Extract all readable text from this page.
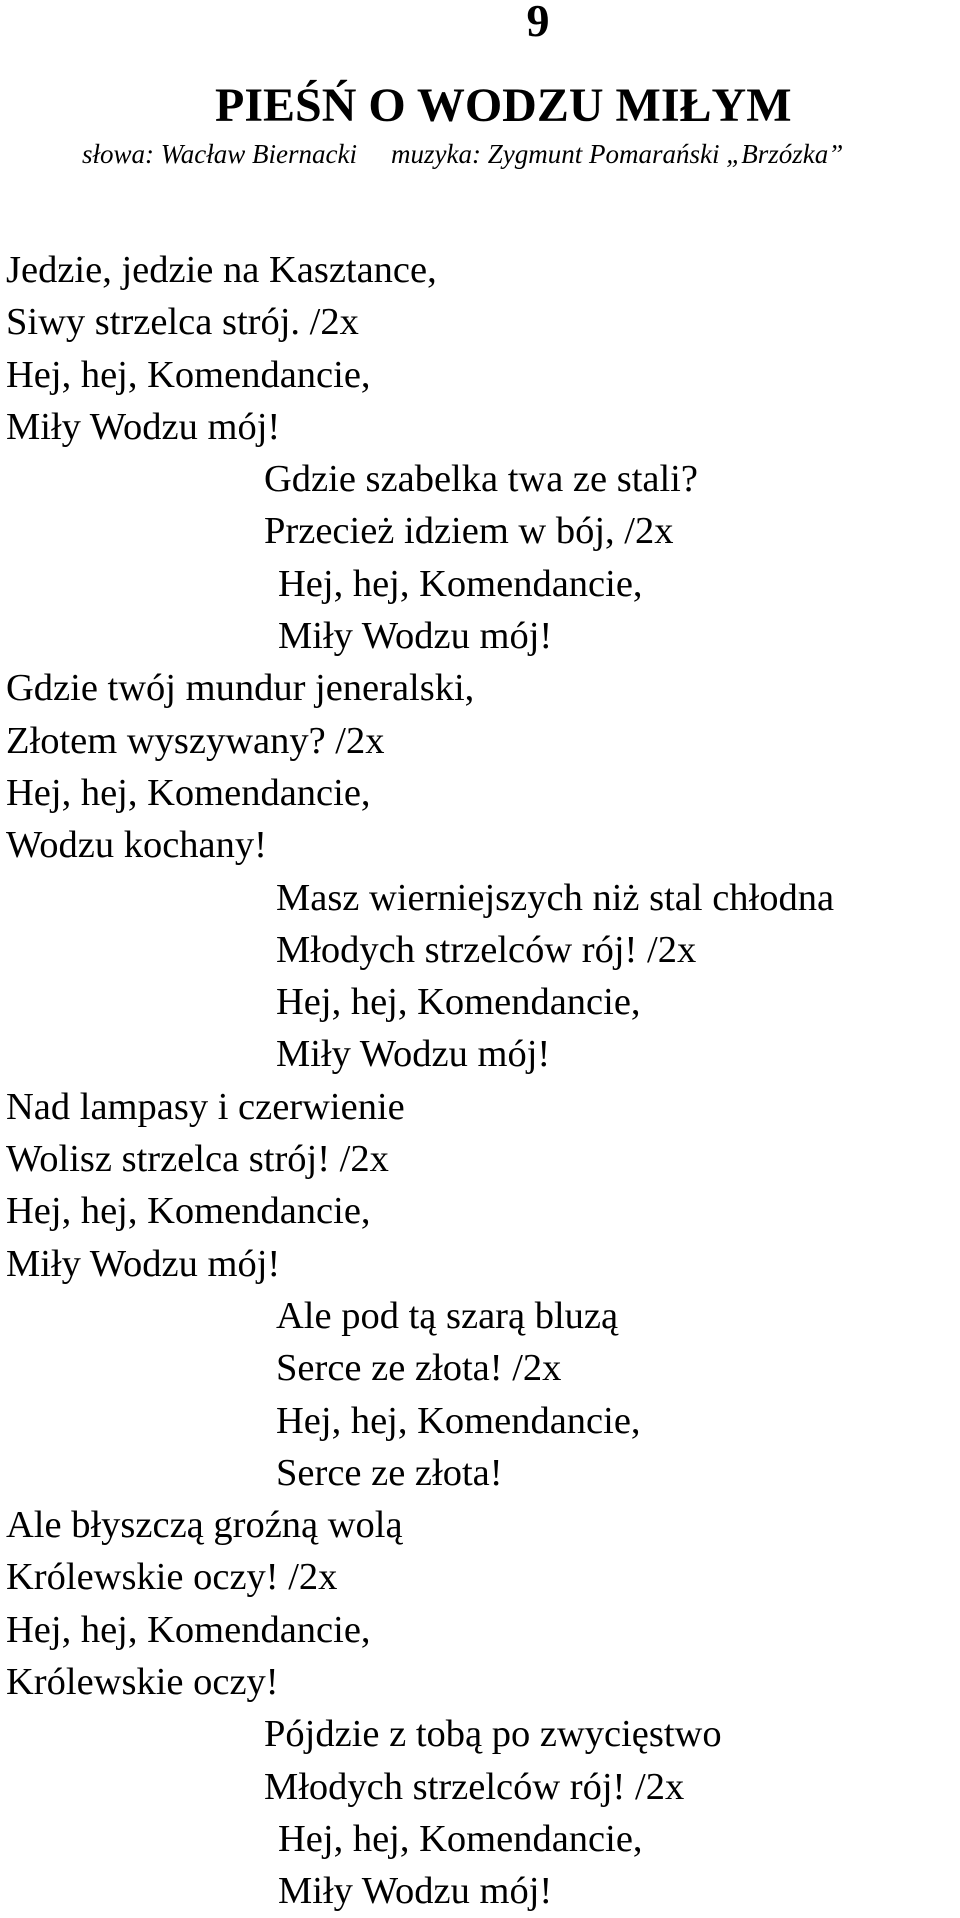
9
PIEŚŃ O WODZU MIŁYM
słowa: Wacław Biernacki muzyka: Zygmunt Pomarański „Brzózka”
Jedzie, jedzie na Kasztance,
Siwy strzelca strój. /2x
Hej, hej, Komendancie,
Miły Wodzu mój!
Gdzie szabelka twa ze stali?
Przecież idziem w bój, /2x
Hej, hej, Komendancie,
Miły Wodzu mój!
Gdzie twój mundur jeneralski,
Złotem wyszywany? /2x
Hej, hej, Komendancie,
Wodzu kochany!
Masz wierniejszych niż stal chłodna
Młodych strzelców rój! /2x
Hej, hej, Komendancie,
Miły Wodzu mój!
Nad lampasy i czerwienie
Wolisz strzelca strój! /2x
Hej, hej, Komendancie,
Miły Wodzu mój!
Ale pod tą szarą bluzą
Serce ze złota! /2x
Hej, hej, Komendancie,
Serce ze złota!
Ale błyszczą groźną wolą
Królewskie oczy! /2x
Hej, hej, Komendancie,
Królewskie oczy!
Pójdzie z tobą po zwycięstwo
Młodych strzelców rój! /2x
Hej, hej, Komendancie,
Miły Wodzu mój!
